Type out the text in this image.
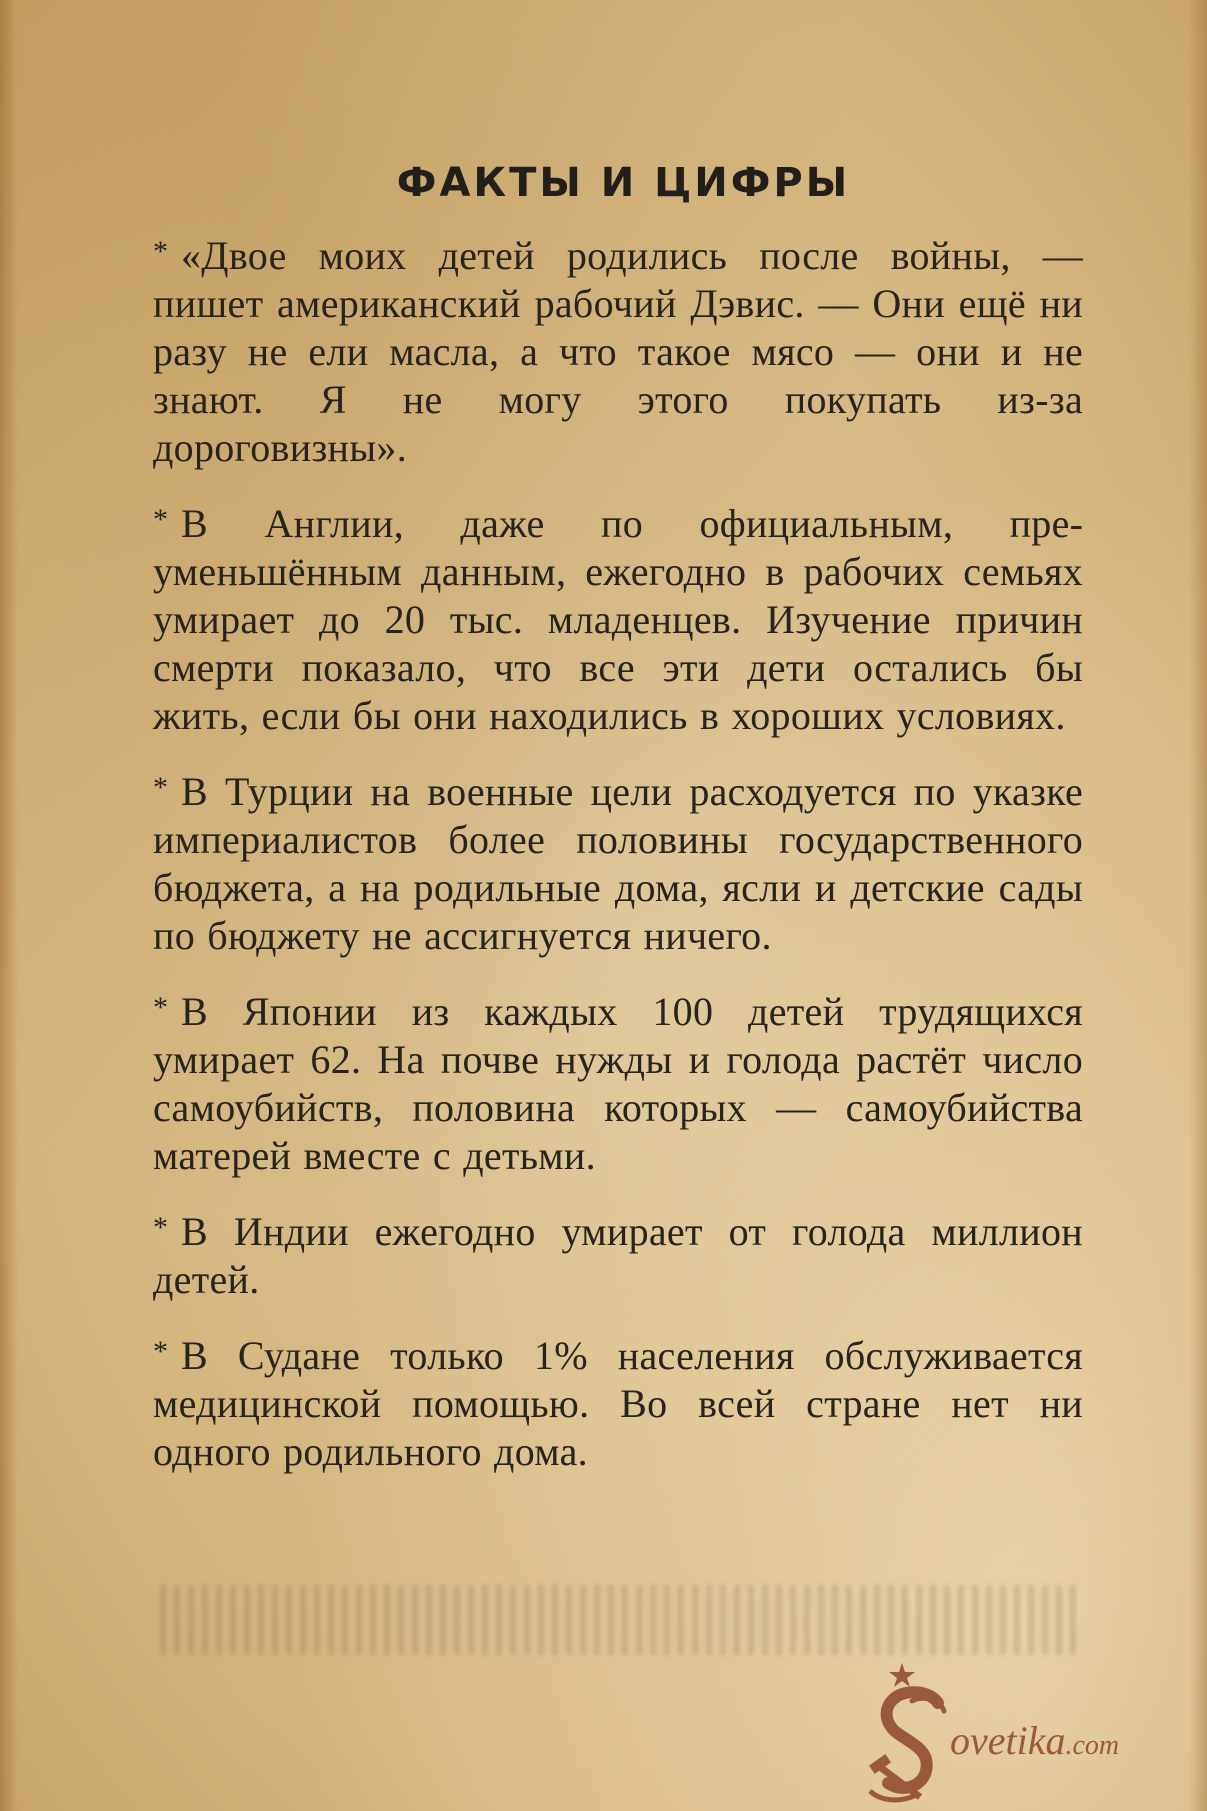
ФАКТЫ И ЦИФРЫ

* «Двое моих детей родились после войны, — пишет американский рабочий Дэвис. — Они ещё ни разу не ели масла, а что такое мясо — они и не знают. Я не могу этого покупать из-за дороговизны».

* В Англии, даже по официальным, преуменьшённым данным, ежегодно в рабочих семьях умирает до 20 тыс. младенцев. Изучение причин смерти показало, что все эти дети остались бы жить, если бы они находились в хороших условиях.

* В Турции на военные цели расходуется по указке империалистов более половины государственного бюджета, а на родильные дома, ясли и детские сады по бюджету не ассигнуется ничего.

* В Японии из каждых 100 детей трудящихся умирает 62. На почве нужды и голода растёт число самоубийств, половина которых — самоубийства матерей вместе с детьми.

* В Индии ежегодно умирает от голода миллион детей.

* В Судане только 1% населения обслуживается медицинской помощью. Во всей стране нет ни одного родильного дома.

ovetika.com
